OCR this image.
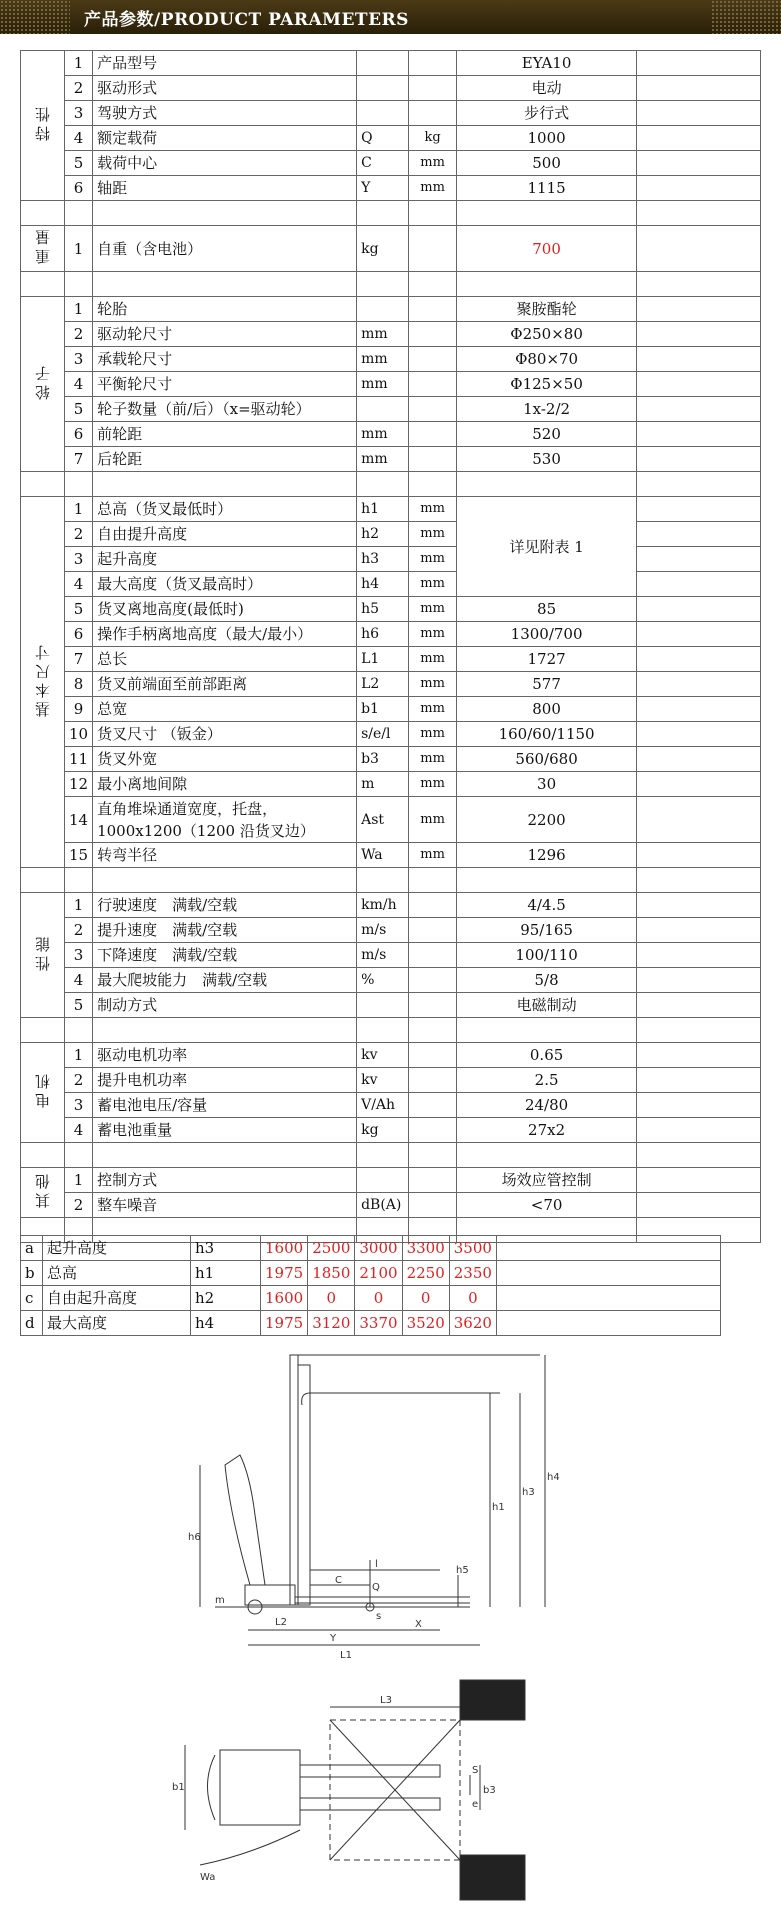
产品参数/PRODUCT PARAMETERS
特性	1	产品型号			EYA10	
	2	驱动形式			电动	
	3	驾驶方式			步行式	
	4	额定载荷	Q	kg	1000	
	5	载荷中心	C	mm	500	
	6	轴距	Y	mm	1115	

重量	1	自重（含电池）	kg		700	

轮子	1	轮胎			聚胺酯轮	
	2	驱动轮尺寸	mm		Φ250×80	
	3	承载轮尺寸	mm		Φ80×70	
	4	平衡轮尺寸	mm		Φ125×50	
	5	轮子数量（前/后）（x=驱动轮）			1x-2/2	
	6	前轮距	mm		520	
	7	后轮距	mm		530	

基本尺寸	1	总高（货叉最低时）	h1	mm	详见附表 1	
	2	自由提升高度	h2	mm		
	3	起升高度	h3	mm		
	4	最大高度（货叉最高时）	h4	mm		
	5	货叉离地高度(最低时)	h5	mm	85	
	6	操作手柄离地高度（最大/最小）	h6	mm	1300/700	
	7	总长	L1	mm	1727	
	8	货叉前端面至前部距离	L2	mm	577	
	9	总宽	b1	mm	800	
	10	货叉尺寸 （钣金）	s/e/l	mm	160/60/1150	
	11	货叉外宽	b3	mm	560/680	
	12	最小离地间隙	m	mm	30	
	14	直角堆垛通道宽度，托盘，1000x1200（1200 沿货叉边）	Ast	mm	2200	
	15	转弯半径	Wa	mm	1296	

性能	1	行驶速度　满载/空载	km/h		4/4.5	
	2	提升速度　满载/空载	m/s		95/165	
	3	下降速度　满载/空载	m/s		100/110	
	4	最大爬坡能力　满载/空载	%		5/8	
	5	制动方式			电磁制动	

电机	1	驱动电机功率	kv		0.65	
	2	提升电机功率	kv		2.5	
	3	蓄电池电压/容量	V/Ah		24/80	
	4	蓄电池重量	kg		27x2	

其他	1	控制方式			场效应管控制	
	2	整车噪音	dB(A)		<70	

a	起升高度	h3	1600	2500	3000	3300	3500	
b	总高	h1	1975	1850	2100	2250	2350	
c	自由起升高度	h2	1600	0	0	0	0	
d	最大高度	h4	1975	3120	3370	3520	3620	
h6
h1
h3
h4
h5
l
C
Q
m
L2
Y
X
L1
s
L3
b1	b3
S
e
Wa
